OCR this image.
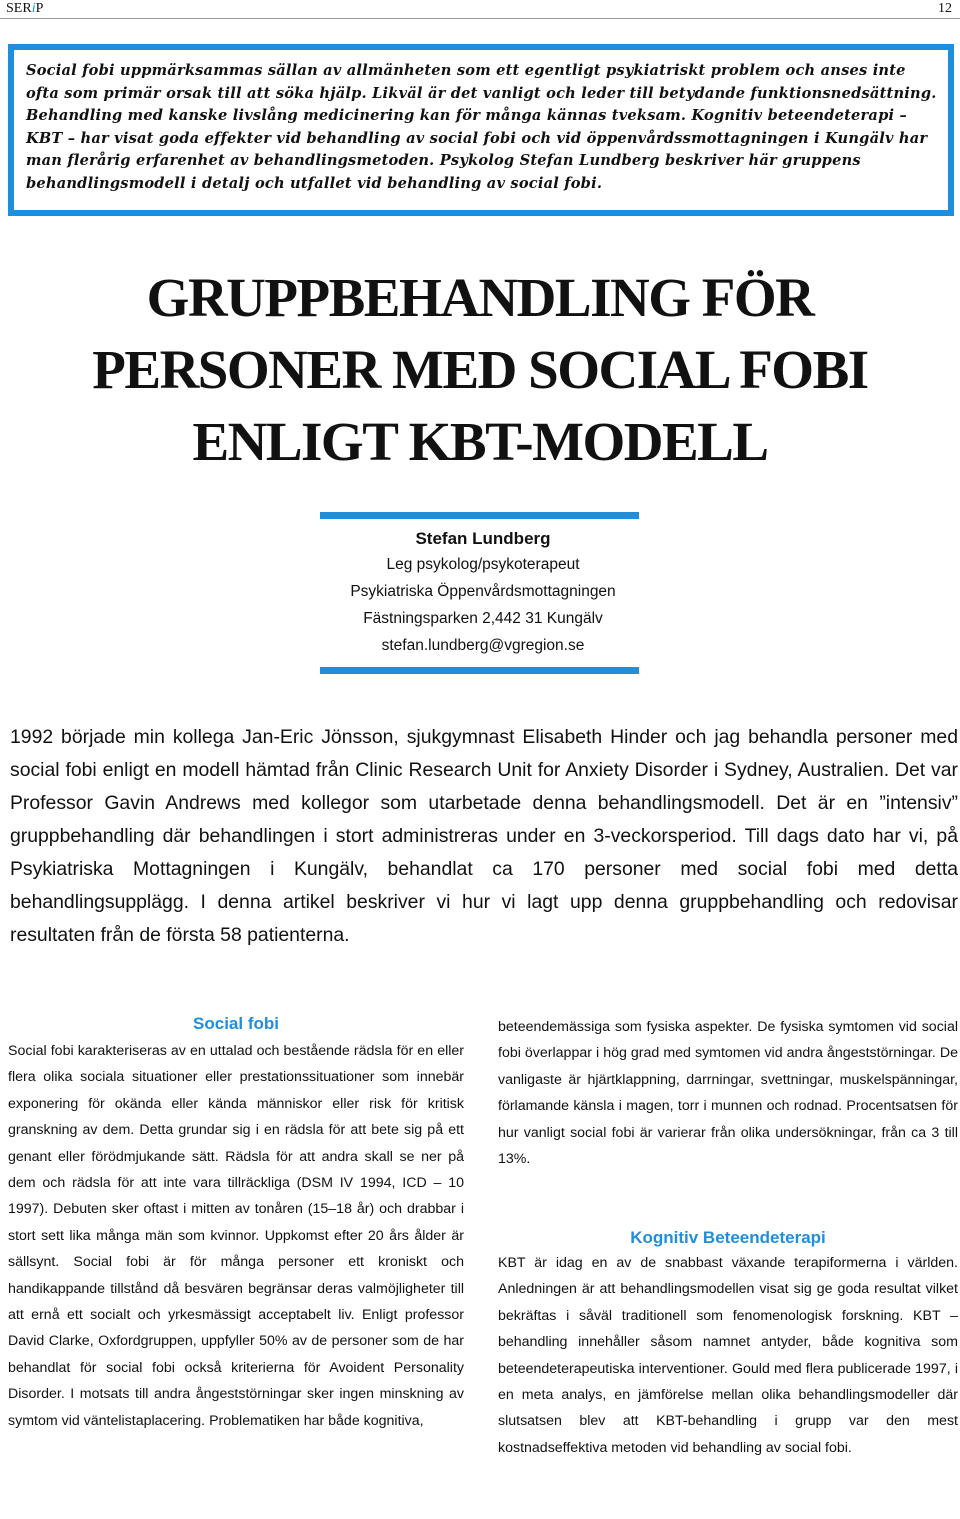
SERiP	12

Social fobi uppmärksammas sällan av allmänheten som ett egentligt psykiatriskt problem och anses inte ofta som primär orsak till att söka hjälp. Likväl är det vanligt och leder till betydande funktionsnedsättning. Behandling med kanske livslång medicinering kan för många kännas tveksam. Kognitiv beteendeterapi – KBT – har visat goda effekter vid behandling av social fobi och vid öppenvårdssmottagningen i Kungälv har man flerårig erfarenhet av behandlingsmetoden. Psykolog Stefan Lundberg beskriver här gruppens behandlingsmodell i detalj och utfallet vid behandling av social fobi.

GRUPPBEHANDLING FÖR
PERSONER MED SOCIAL FOBI
ENLIGT KBT-MODELL
Stefan Lundberg
Leg psykolog/psykoterapeut
Psykiatriska Öppenvårdsmottagningen
Fästningsparken 2,442 31 Kungälv
stefan.lundberg@vgregion.se

1992 började min kollega Jan-Eric Jönsson, sjukgymnast Elisabeth Hinder och jag behandla personer med social fobi enligt en modell hämtad från Clinic Research Unit for Anxiety Disorder i Sydney, Australien. Det var Professor Gavin Andrews med kollegor som utarbetade denna behandlingsmodell. Det är en ”intensiv” gruppbehandling där behandlingen i stort administreras under en 3-veckorsperiod. Till dags dato har vi, på Psykiatriska Mottagningen i Kungälv, behandlat ca 170 personer med social fobi med detta behandlingsupplägg. I denna artikel beskriver vi hur vi lagt upp denna gruppbehandling och redovisar resultaten från de första 58 patienterna.

Social fobi

Social fobi karakteriseras av en uttalad och bestående rädsla för en eller flera olika sociala situationer eller prestationssituationer som innebär exponering för okända eller kända människor eller risk för kritisk granskning av dem. Detta grundar sig i en rädsla för att bete sig på ett genant eller förödmjukande sätt. Rädsla för att andra skall se ner på dem och rädsla för att inte vara tillräckliga (DSM IV 1994, ICD – 10 1997). Debuten sker oftast i mitten av tonåren (15–18 år) och drabbar i stort sett lika många män som kvinnor. Uppkomst efter 20 års ålder är sällsynt. Social fobi är för många personer ett kroniskt och handikappande tillstånd då besvären begränsar deras valmöjligheter till att ernå ett socialt och yrkesmässigt acceptabelt liv. Enligt professor David Clarke, Oxfordgruppen, uppfyller 50% av de personer som de har behandlat för social fobi också kriterierna för Avoident Personality Disorder. I motsats till andra ångeststörningar sker ingen minskning av symtom vid väntelistaplacering. Problematiken har både kognitiva,

beteendemässiga som fysiska aspekter. De fysiska symtomen vid social fobi överlappar i hög grad med symtomen vid andra ångeststörningar. De vanligaste är hjärtklappning, darrningar, svettningar, muskelspänningar, förlamande känsla i magen, torr i munnen och rodnad. Procentsatsen för hur vanligt social fobi är varierar från olika undersökningar, från ca 3 till 13%.

Kognitiv Beteendeterapi

KBT är idag en av de snabbast växande terapiformerna i världen. Anledningen är att behandlingsmodellen visat sig ge goda resultat vilket bekräftas i såväl traditionell som fenomenologisk forskning. KBT – behandling innehåller såsom namnet antyder, både kognitiva som beteendeterapeutiska interventioner. Gould med flera publicerade 1997, i en meta analys, en jämförelse mellan olika behandlingsmodeller där slutsatsen blev att KBT-behandling i grupp var den mest kostnadseffektiva metoden vid behandling av social fobi.
